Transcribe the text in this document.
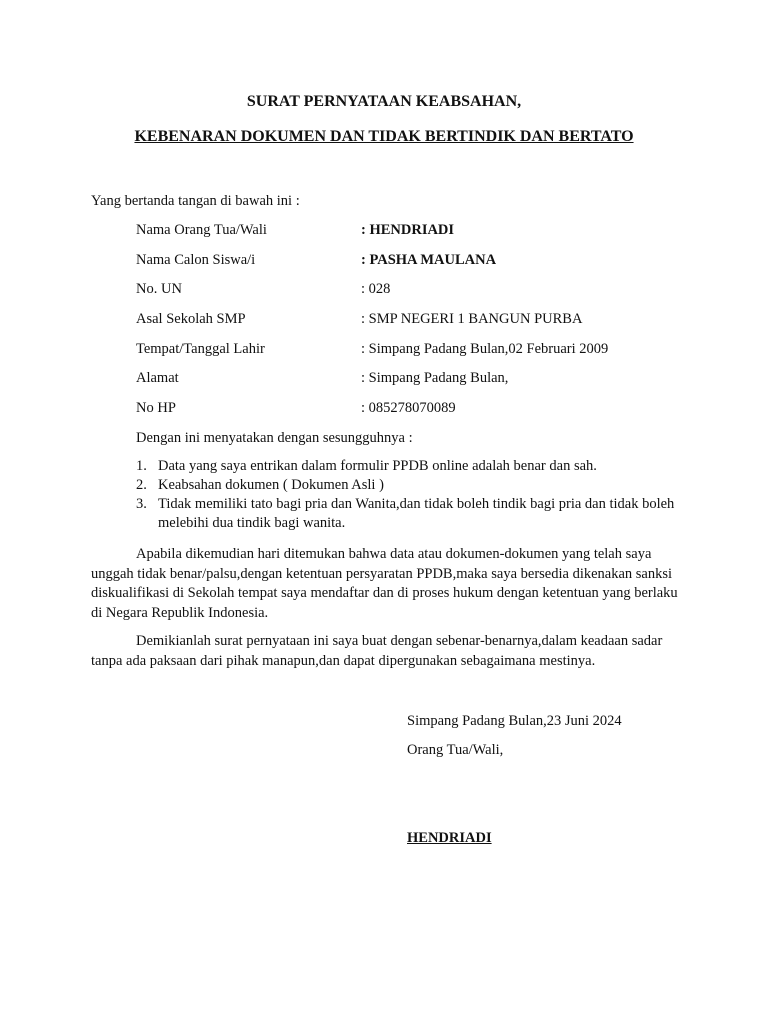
SURAT PERNYATAAN KEABSAHAN,
KEBENARAN DOKUMEN DAN TIDAK BERTINDIK DAN BERTATO
Yang bertanda tangan di bawah ini :
Nama Orang Tua/Wali	: HENDRIADI
Nama Calon Siswa/i	: PASHA MAULANA
No. UN	: 028
Asal Sekolah SMP	: SMP NEGERI 1 BANGUN PURBA
Tempat/Tanggal Lahir	: Simpang Padang Bulan,02 Februari 2009
Alamat	: Simpang Padang Bulan,
No HP	: 085278070089
Dengan ini menyatakan dengan sesungguhnya :
1. Data yang saya entrikan dalam formulir PPDB online adalah benar dan sah.
2. Keabsahan dokumen ( Dokumen Asli )
3. Tidak memiliki tato bagi pria dan Wanita,dan tidak boleh tindik bagi pria dan tidak boleh melebihi dua tindik bagi wanita.

Apabila dikemudian hari ditemukan bahwa data atau dokumen-dokumen yang telah saya unggah tidak benar/palsu,dengan ketentuan persyaratan PPDB,maka saya bersedia dikenakan sanksi diskualifikasi di Sekolah tempat saya mendaftar dan di proses hukum dengan ketentuan yang berlaku di Negara Republik Indonesia.

Demikianlah surat pernyataan ini saya buat dengan sebenar-benarnya,dalam keadaan sadar tanpa ada paksaan dari pihak manapun,dan dapat dipergunakan sebagaimana mestinya.

Simpang Padang Bulan,23 Juni 2024
Orang Tua/Wali,
HENDRIADI
